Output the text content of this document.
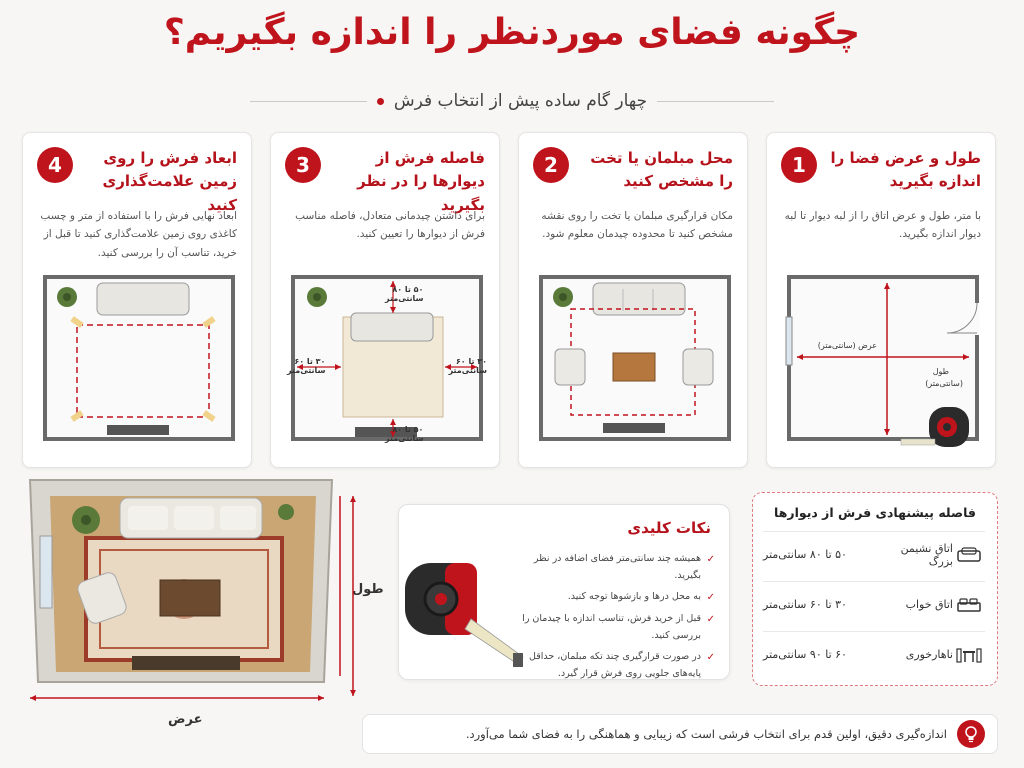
چگونه فضای موردنظر را اندازه بگیریم؟
چهار گام ساده پیش از انتخاب فرش
1	طول و عرض فضا را اندازه بگیرید
با متر، طول و عرض اتاق را از لبه دیوار تا لبه دیوار اندازه بگیرید.
عرض (سانتی‌متر)
طول
(سانتی‌متر)
2	محل مبلمان یا تخت را مشخص کنید
مکان قرارگیری مبلمان یا تخت را روی نقشه مشخص کنید تا محدوده چیدمان معلوم شود.
3	فاصله فرش از دیوارها را در نظر بگیرید
برای داشتن چیدمانی متعادل، فاصله مناسب فرش از دیوارها را تعیین کنید.
۵۰ تا ۸۰
سانتی‌متر
۵۰ تا ۸۰
سانتی‌متر
۳۰ تا ۶۰
سانتی‌متر
۳۰ تا ۶۰
سانتی‌متر
4	ابعاد فرش را روی زمین علامت‌گذاری کنید
ابعاد نهایی فرش را با استفاده از متر و چسب کاغذی روی زمین علامت‌گذاری کنید تا قبل از خرید، تناسب آن را بررسی کنید.
طول
عرض
نکات کلیدی
✓
همیشه چند سانتی‌متر فضای اضافه در نظر بگیرید.
✓
به محل درها و بازشوها توجه کنید.
✓
قبل از خرید فرش، تناسب اندازه با چیدمان را بررسی کنید.
✓
در صورت قرارگیری چند تکه مبلمان، حداقل پایه‌های جلویی روی فرش قرار گیرد.
فاصله پیشنهادی فرش از دیوارها
اتاق نشیمن بزرگ
۵۰ تا ۸۰ سانتی‌متر
اتاق خواب
۳۰ تا ۶۰ سانتی‌متر
ناهارخوری
۶۰ تا ۹۰ سانتی‌متر
اندازه‌گیری دقیق، اولین قدم برای انتخاب فرشی است که زیبایی و هماهنگی را به فضای شما می‌آورد.
